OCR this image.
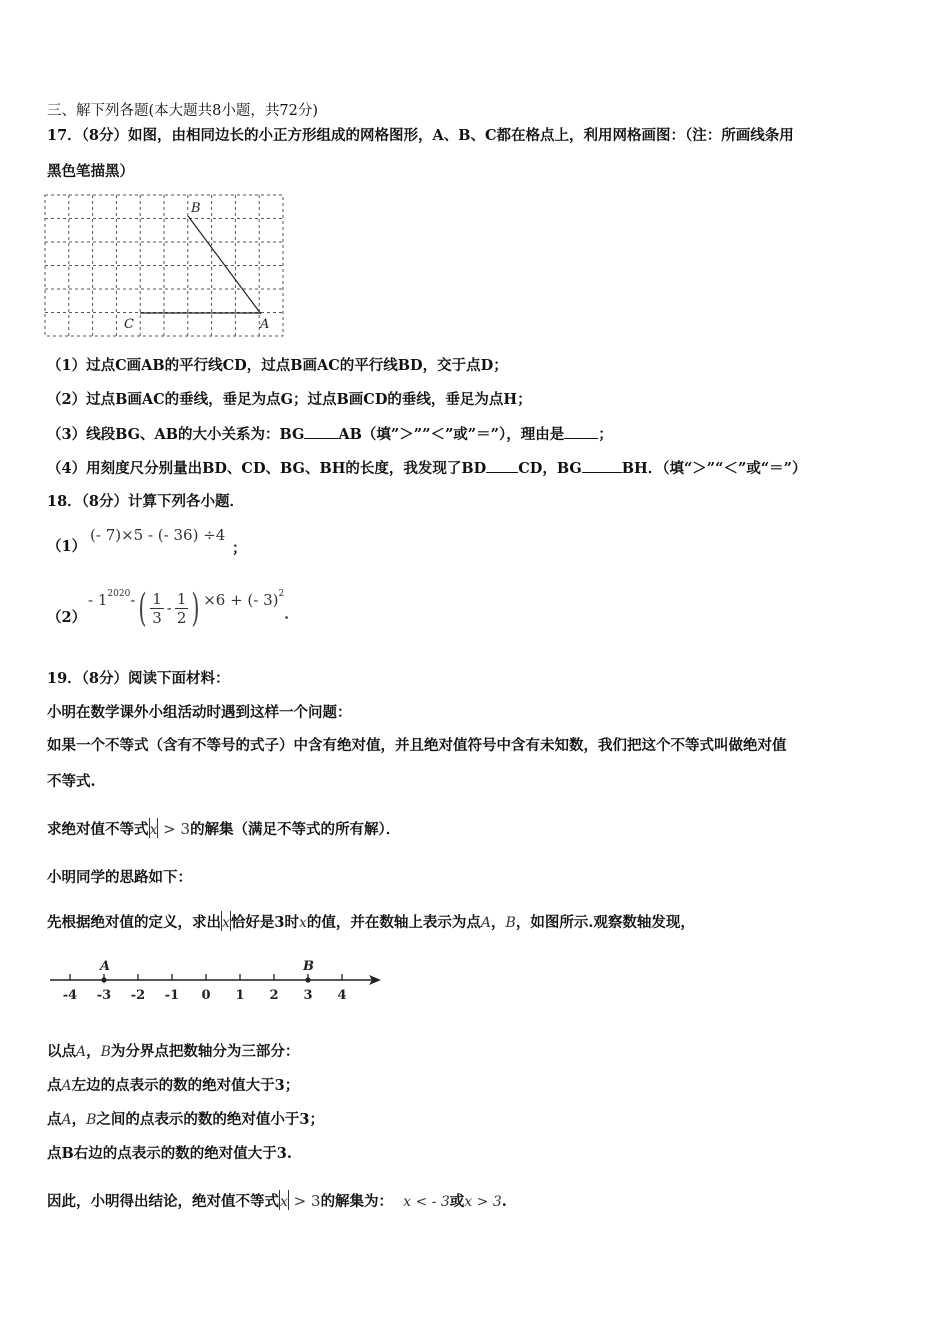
三、解下列各题(本大题共8小题，共72分)
17．（8分）如图，由相同边长的小正方形组成的网格图形，A、B、C都在格点上，利用网格画图：（注：所画线条用
黑色笔描黑）
B
C	A
（1）过点C画AB的平行线CD，过点B画AC的平行线BD，交于点D；
（2）过点B画AC的垂线，垂足为点G；过点B画CD的垂线，垂足为点H；
（3）线段BG、AB的大小关系为：BG AB（填”＞””＜”或”＝”），理由是 ；
（4）用刻度尺分别量出BD、CD、BG、BH的长度，我发现了BD CD，BG	BH．（填“＞”“＜”或“＝”）
18．（8分）计算下列各小题．
（1）
(‑ 7)×5 ‑ (‑ 36) ÷4
；
（2）
‑ $1^{2020}$ ‑ ( $\frac{1}{3}$ ‑ $\frac{1}{2}$ ) ×6 + (‑ 3)$^2$
．
19．（8分）阅读下面材料：
小明在数学课外小组活动时遇到这样一个问题：
如果一个不等式（含有不等号的式子）中含有绝对值，并且绝对值符号中含有未知数，我们把这个不等式叫做绝对值
不等式.
求绝对值不等式x > 3的解集（满足不等式的所有解）．
小明同学的思路如下：
先根据绝对值的定义，求出x恰好是3时x的值，并在数轴上表示为点A，B，如图所示.观察数轴发现，
‑4 ‑3 ‑2 ‑1 0 1 2 3 4
A	B
以点A，B为分界点把数轴分为三部分：
点A左边的点表示的数的绝对值大于3；
点A，B之间的点表示的数的绝对值小于3；
点B右边的点表示的数的绝对值大于3.
因此，小明得出结论，绝对值不等式x > 3的解集为： x < ‑ 3或x > 3.
